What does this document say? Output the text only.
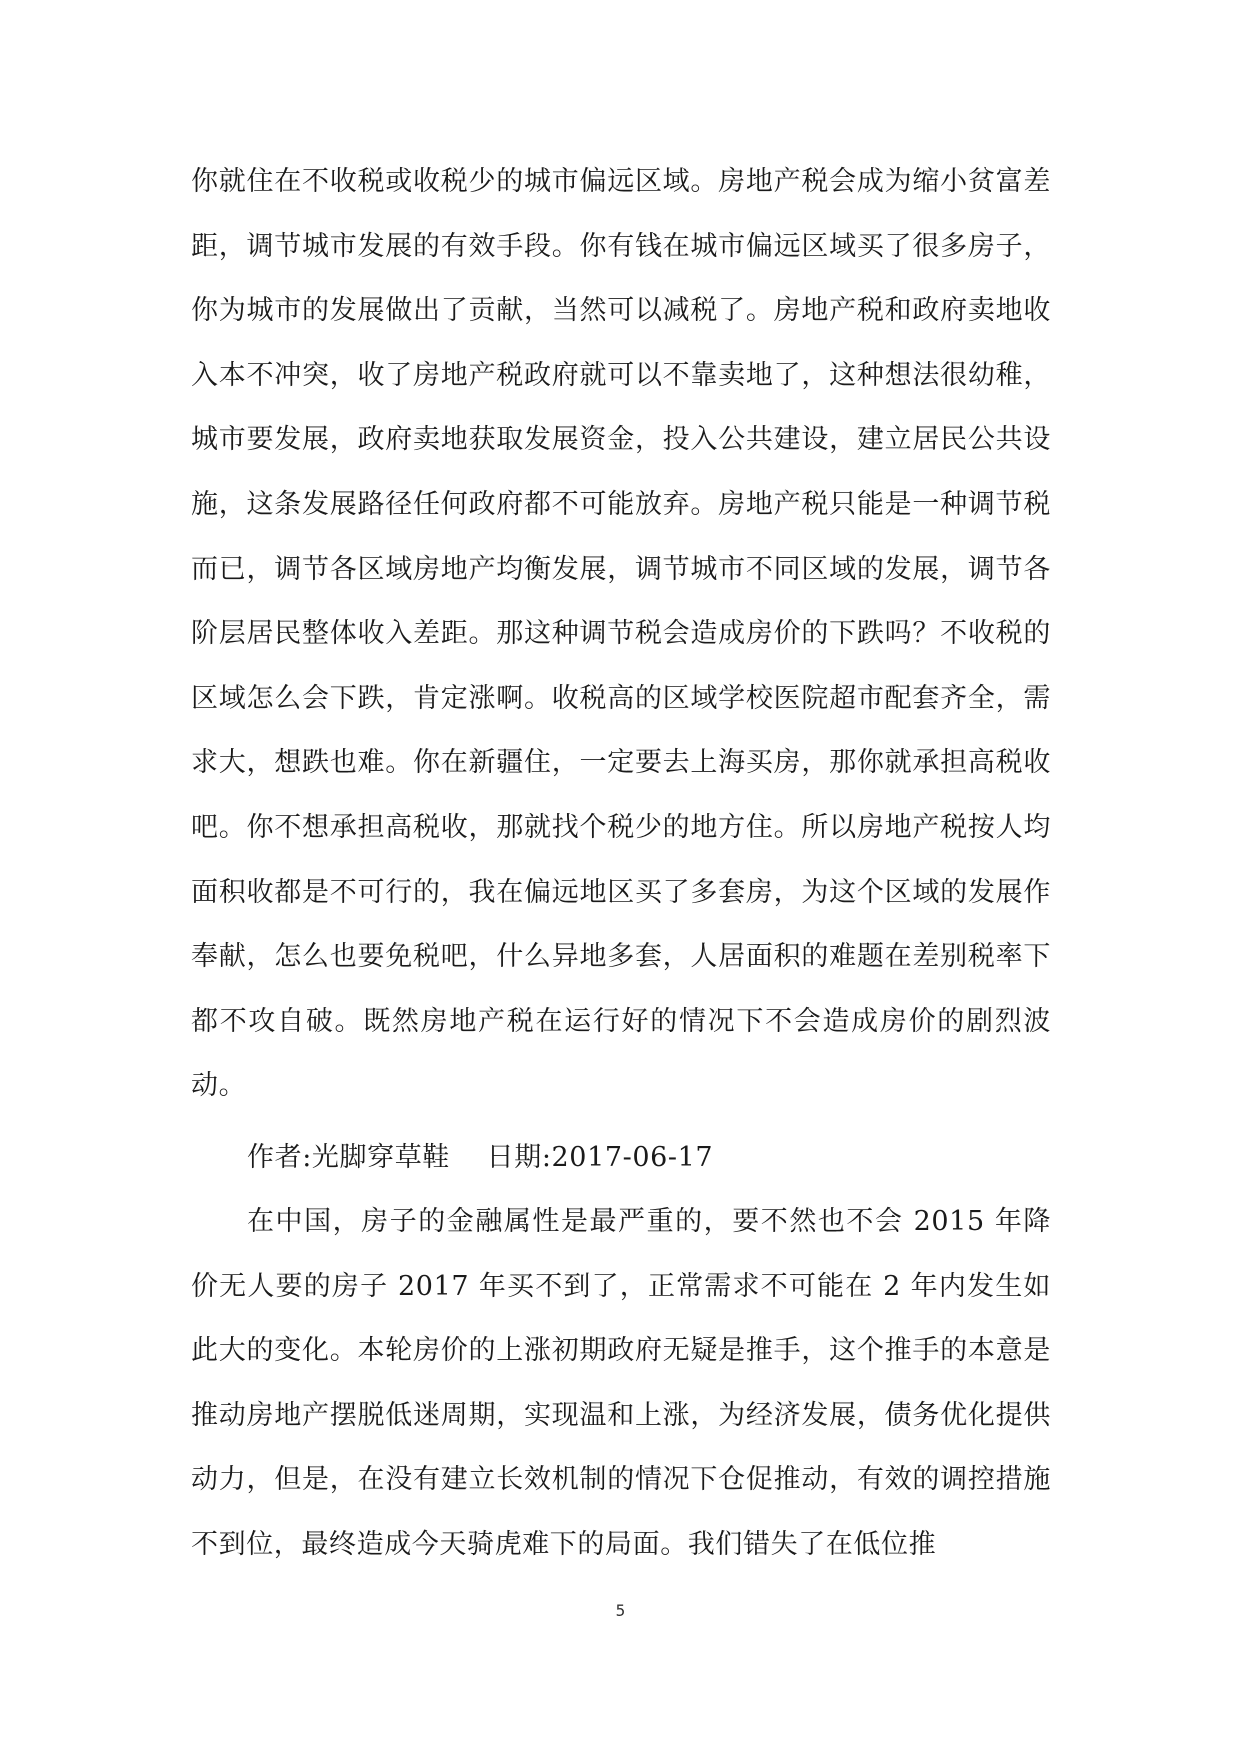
你就住在不收税或收税少的城市偏远区域。房地产税会成为缩小贫富差距，调节城市发展的有效手段。你有钱在城市偏远区域买了很多房子，你为城市的发展做出了贡献，当然可以减税了。房地产税和政府卖地收入本不冲突，收了房地产税政府就可以不靠卖地了，这种想法很幼稚，城市要发展，政府卖地获取发展资金，投入公共建设，建立居民公共设施，这条发展路径任何政府都不可能放弃。房地产税只能是一种调节税而已，调节各区域房地产均衡发展，调节城市不同区域的发展，调节各阶层居民整体收入差距。那这种调节税会造成房价的下跌吗？不收税的区域怎么会下跌，肯定涨啊。收税高的区域学校医院超市配套齐全，需求大，想跌也难。你在新疆住，一定要去上海买房，那你就承担高税收吧。你不想承担高税收，那就找个税少的地方住。所以房地产税按人均面积收都是不可行的，我在偏远地区买了多套房，为这个区域的发展作奉献，怎么也要免税吧，什么异地多套，人居面积的难题在差别税率下都不攻自破。既然房地产税在运行好的情况下不会造成房价的剧烈波动。

作者:光脚穿草鞋    日期:2017-06-17

在中国，房子的金融属性是最严重的，要不然也不会 2015 年降价无人要的房子 2017 年买不到了，正常需求不可能在 2 年内发生如此大的变化。本轮房价的上涨初期政府无疑是推手，这个推手的本意是推动房地产摆脱低迷周期，实现温和上涨，为经济发展，债务优化提供动力，但是，在没有建立长效机制的情况下仓促推动，有效的调控措施不到位，最终造成今天骑虎难下的局面。我们错失了在低位推

5
